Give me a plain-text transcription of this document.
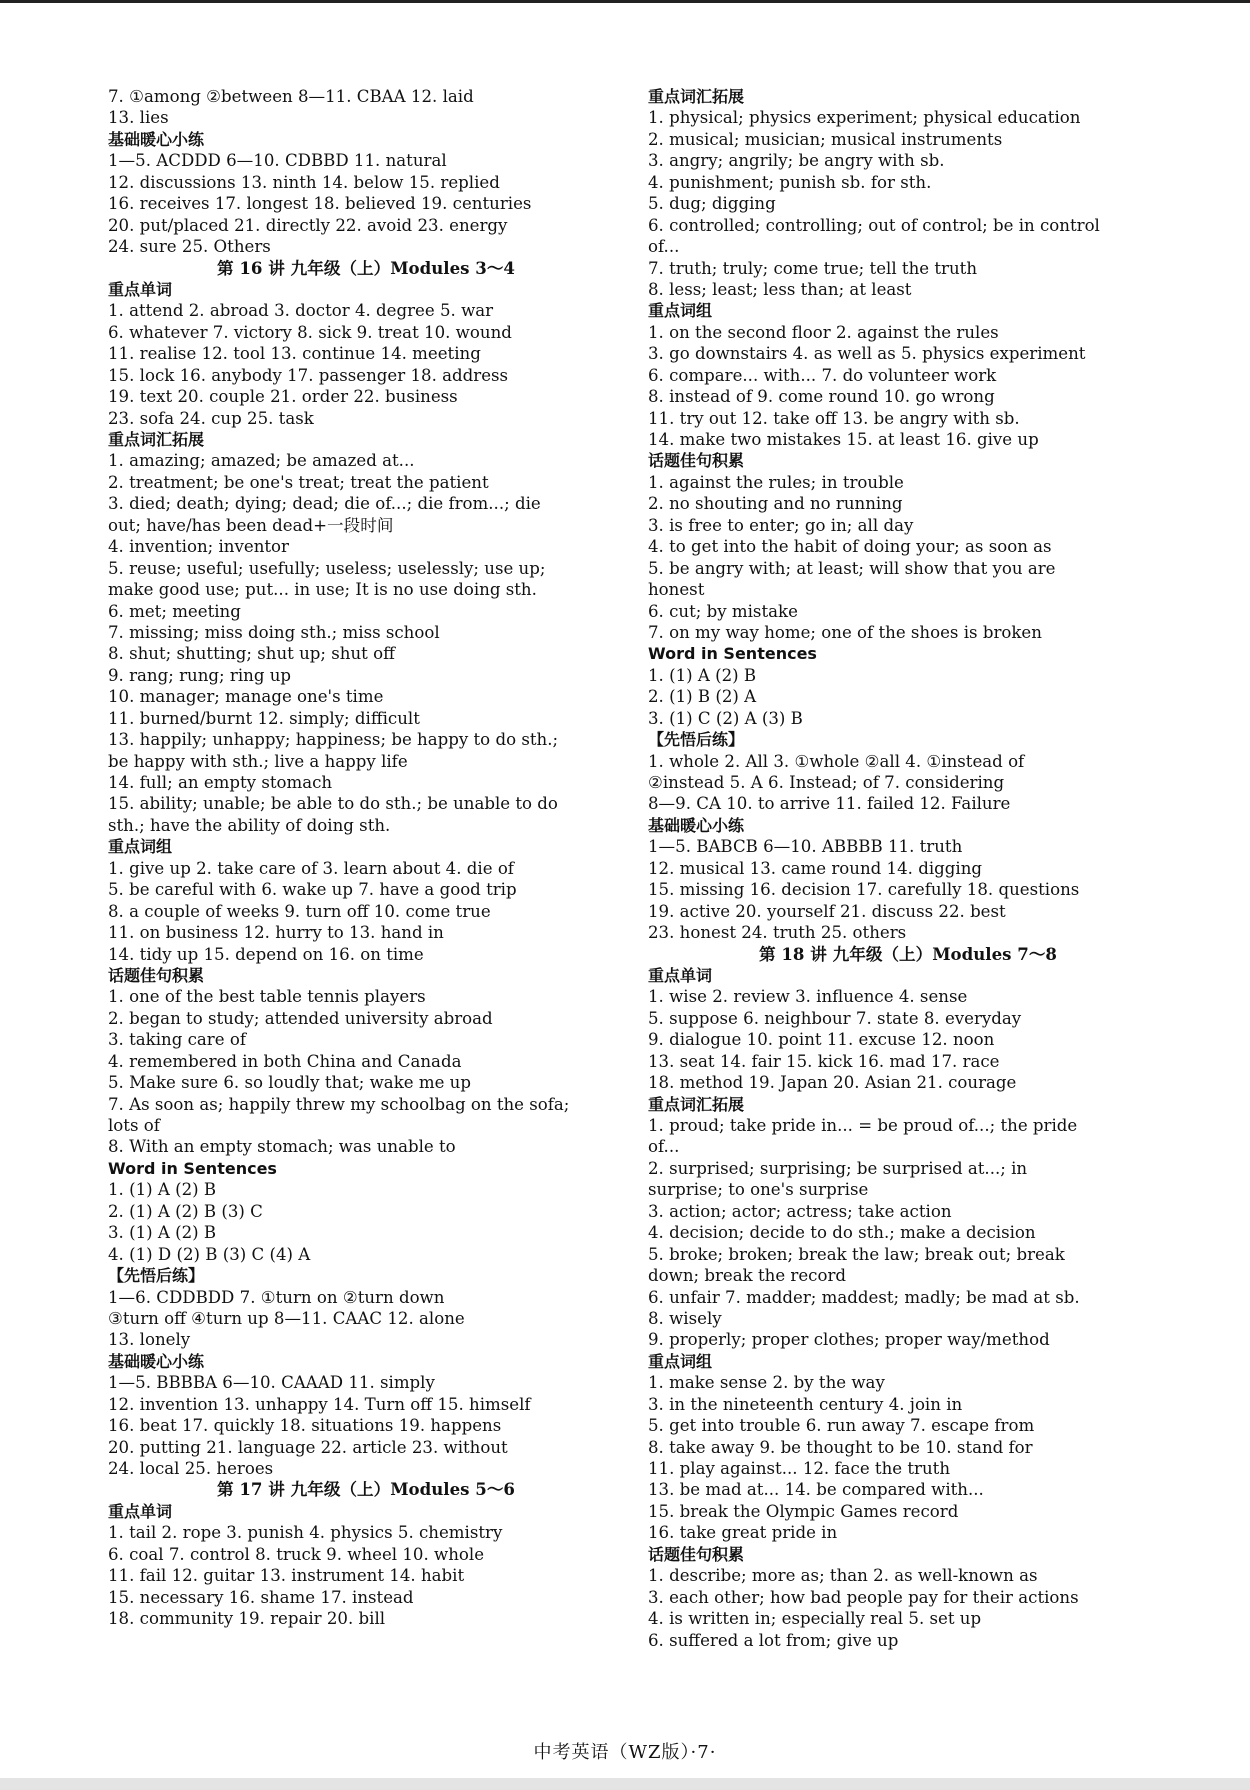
7. ①among ②between 8—11. CBAA 12. laid
13. lies
基础暖心小练
1—5. ACDDD 6—10. CDBBD 11. natural
12. discussions 13. ninth 14. below 15. replied
16. receives 17. longest 18. believed 19. centuries
20. put/placed 21. directly 22. avoid 23. energy
24. sure 25. Others
第 16 讲 九年级（上）Modules 3～4
重点单词
1. attend 2. abroad 3. doctor 4. degree 5. war
6. whatever 7. victory 8. sick 9. treat 10. wound
11. realise 12. tool 13. continue 14. meeting
15. lock 16. anybody 17. passenger 18. address
19. text 20. couple 21. order 22. business
23. sofa 24. cup 25. task
重点词汇拓展
1. amazing; amazed; be amazed at...
2. treatment; be one's treat; treat the patient
3. died; death; dying; dead; die of...; die from...; die
out; have/has been dead+一段时间
4. invention; inventor
5. reuse; useful; usefully; useless; uselessly; use up;
make good use; put... in use; It is no use doing sth.
6. met; meeting
7. missing; miss doing sth.; miss school
8. shut; shutting; shut up; shut off
9. rang; rung; ring up
10. manager; manage one's time
11. burned/burnt 12. simply; difficult
13. happily; unhappy; happiness; be happy to do sth.;
be happy with sth.; live a happy life
14. full; an empty stomach
15. ability; unable; be able to do sth.; be unable to do
sth.; have the ability of doing sth.
重点词组
1. give up 2. take care of 3. learn about 4. die of
5. be careful with 6. wake up 7. have a good trip
8. a couple of weeks 9. turn off 10. come true
11. on business 12. hurry to 13. hand in
14. tidy up 15. depend on 16. on time
话题佳句积累
1. one of the best table tennis players
2. began to study; attended university abroad
3. taking care of
4. remembered in both China and Canada
5. Make sure 6. so loudly that; wake me up
7. As soon as; happily threw my schoolbag on the sofa;
lots of
8. With an empty stomach; was unable to
Word in Sentences
1. (1) A (2) B
2. (1) A (2) B (3) C
3. (1) A (2) B
4. (1) D (2) B (3) C (4) A
【先悟后练】
1—6. CDDBDD 7. ①turn on ②turn down
③turn off ④turn up 8—11. CAAC 12. alone
13. lonely
基础暖心小练
1—5. BBBBA 6—10. CAAAD 11. simply
12. invention 13. unhappy 14. Turn off 15. himself
16. beat 17. quickly 18. situations 19. happens
20. putting 21. language 22. article 23. without
24. local 25. heroes
第 17 讲 九年级（上）Modules 5～6
重点单词
1. tail 2. rope 3. punish 4. physics 5. chemistry
6. coal 7. control 8. truck 9. wheel 10. whole
11. fail 12. guitar 13. instrument 14. habit
15. necessary 16. shame 17. instead
18. community 19. repair 20. bill
重点词汇拓展
1. physical; physics experiment; physical education
2. musical; musician; musical instruments
3. angry; angrily; be angry with sb.
4. punishment; punish sb. for sth.
5. dug; digging
6. controlled; controlling; out of control; be in control
of...
7. truth; truly; come true; tell the truth
8. less; least; less than; at least
重点词组
1. on the second floor 2. against the rules
3. go downstairs 4. as well as 5. physics experiment
6. compare... with... 7. do volunteer work
8. instead of 9. come round 10. go wrong
11. try out 12. take off 13. be angry with sb.
14. make two mistakes 15. at least 16. give up
话题佳句积累
1. against the rules; in trouble
2. no shouting and no running
3. is free to enter; go in; all day
4. to get into the habit of doing your; as soon as
5. be angry with; at least; will show that you are
honest
6. cut; by mistake
7. on my way home; one of the shoes is broken
Word in Sentences
1. (1) A (2) B
2. (1) B (2) A
3. (1) C (2) A (3) B
【先悟后练】
1. whole 2. All 3. ①whole ②all 4. ①instead of
②instead 5. A 6. Instead; of 7. considering
8—9. CA 10. to arrive 11. failed 12. Failure
基础暖心小练
1—5. BABCB 6—10. ABBBB 11. truth
12. musical 13. came round 14. digging
15. missing 16. decision 17. carefully 18. questions
19. active 20. yourself 21. discuss 22. best
23. honest 24. truth 25. others
第 18 讲 九年级（上）Modules 7～8
重点单词
1. wise 2. review 3. influence 4. sense
5. suppose 6. neighbour 7. state 8. everyday
9. dialogue 10. point 11. excuse 12. noon
13. seat 14. fair 15. kick 16. mad 17. race
18. method 19. Japan 20. Asian 21. courage
重点词汇拓展
1. proud; take pride in... = be proud of...; the pride
of...
2. surprised; surprising; be surprised at...; in
surprise; to one's surprise
3. action; actor; actress; take action
4. decision; decide to do sth.; make a decision
5. broke; broken; break the law; break out; break
down; break the record
6. unfair 7. madder; maddest; madly; be mad at sb.
8. wisely
9. properly; proper clothes; proper way/method
重点词组
1. make sense 2. by the way
3. in the nineteenth century 4. join in
5. get into trouble 6. run away 7. escape from
8. take away 9. be thought to be 10. stand for
11. play against... 12. face the truth
13. be mad at... 14. be compared with...
15. break the Olympic Games record
16. take great pride in
话题佳句积累
1. describe; more as; than 2. as well-known as
3. each other; how bad people pay for their actions
4. is written in; especially real 5. set up
6. suffered a lot from; give up
中考英语（WZ版）·7·
